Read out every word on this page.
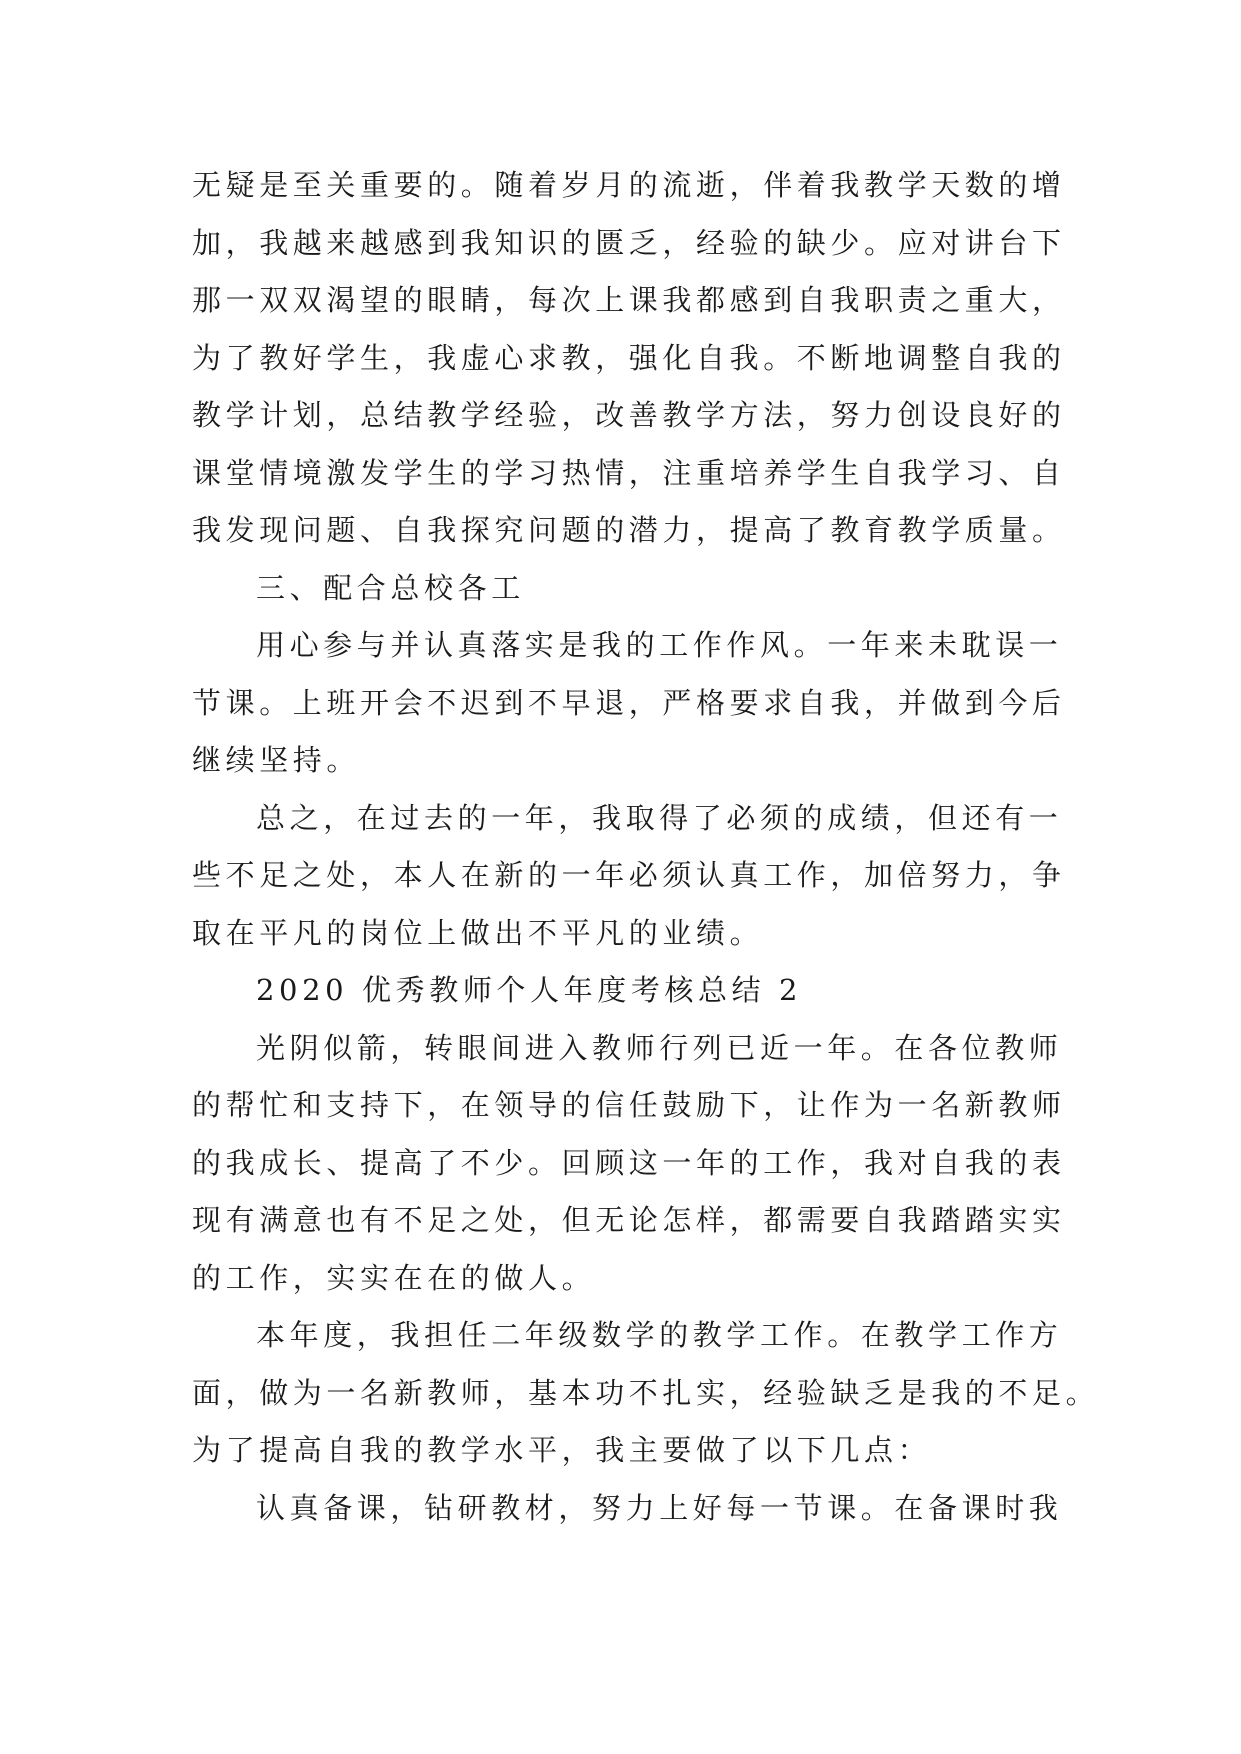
无疑是至关重要的。随着岁月的流逝，伴着我教学天数的增
加，我越来越感到我知识的匮乏，经验的缺少。应对讲台下
那一双双渴望的眼睛，每次上课我都感到自我职责之重大，
为了教好学生，我虚心求教，强化自我。不断地调整自我的
教学计划，总结教学经验，改善教学方法，努力创设良好的
课堂情境激发学生的学习热情，注重培养学生自我学习、自
我发现问题、自我探究问题的潜力，提高了教育教学质量。
三、配合总校各工
用心参与并认真落实是我的工作作风。一年来未耽误一
节课。上班开会不迟到不早退，严格要求自我，并做到今后
继续坚持。
总之，在过去的一年，我取得了必须的成绩，但还有一
些不足之处，本人在新的一年必须认真工作，加倍努力，争
取在平凡的岗位上做出不平凡的业绩。
2020 优秀教师个人年度考核总结 2
光阴似箭，转眼间进入教师行列已近一年。在各位教师
的帮忙和支持下，在领导的信任鼓励下，让作为一名新教师
的我成长、提高了不少。回顾这一年的工作，我对自我的表
现有满意也有不足之处，但无论怎样，都需要自我踏踏实实
的工作，实实在在的做人。
本年度，我担任二年级数学的教学工作。在教学工作方
面，做为一名新教师，基本功不扎实，经验缺乏是我的不足。
为了提高自我的教学水平，我主要做了以下几点：
认真备课，钻研教材，努力上好每一节课。在备课时我
